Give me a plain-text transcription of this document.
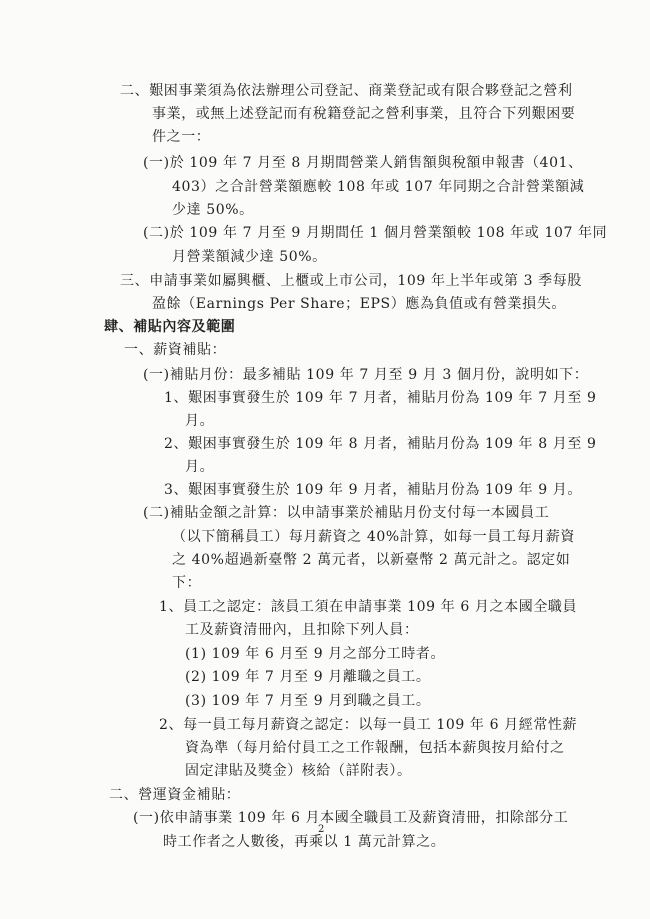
二、艱困事業須為依法辦理公司登記、商業登記或有限合夥登記之營利
事業，或無上述登記而有稅籍登記之營利事業，且符合下列艱困要
件之一：
(一)於 109 年 7 月至 8 月期間營業人銷售額與稅額申報書（401、
403）之合計營業額應較 108 年或 107 年同期之合計營業額減
少達 50%。
(二)於 109 年 7 月至 9 月期間任 1 個月營業額較 108 年或 107 年同
月營業額減少達 50%。
三、申請事業如屬興櫃、上櫃或上市公司，109 年上半年或第 3 季每股
盈餘（Earnings Per Share；EPS）應為負值或有營業損失。
肆、補貼內容及範圍
一、薪資補貼：
(一)補貼月份：最多補貼 109 年 7 月至 9 月 3 個月份，說明如下：
1、艱困事實發生於 109 年 7 月者，補貼月份為 109 年 7 月至 9
月。
2、艱困事實發生於 109 年 8 月者，補貼月份為 109 年 8 月至 9
月。
3、艱困事實發生於 109 年 9 月者，補貼月份為 109 年 9 月。
(二)補貼金額之計算：以申請事業於補貼月份支付每一本國員工
（以下簡稱員工）每月薪資之 40%計算，如每一員工每月薪資
之 40%超過新臺幣 2 萬元者，以新臺幣 2 萬元計之。認定如
下：
1、員工之認定：該員工須在申請事業 109 年 6 月之本國全職員
工及薪資清冊內，且扣除下列人員：
(1) 109 年 6 月至 9 月之部分工時者。
(2) 109 年 7 月至 9 月離職之員工。
(3) 109 年 7 月至 9 月到職之員工。
2、每一員工每月薪資之認定：以每一員工 109 年 6 月經常性薪
資為準（每月給付員工之工作報酬，包括本薪與按月給付之
固定津貼及獎金）核給（詳附表）。
二、營運資金補貼：
(一)依申請事業 109 年 6 月本國全職員工及薪資清冊，扣除部分工
時工作者之人數後，再乘以 1 萬元計算之。
2
